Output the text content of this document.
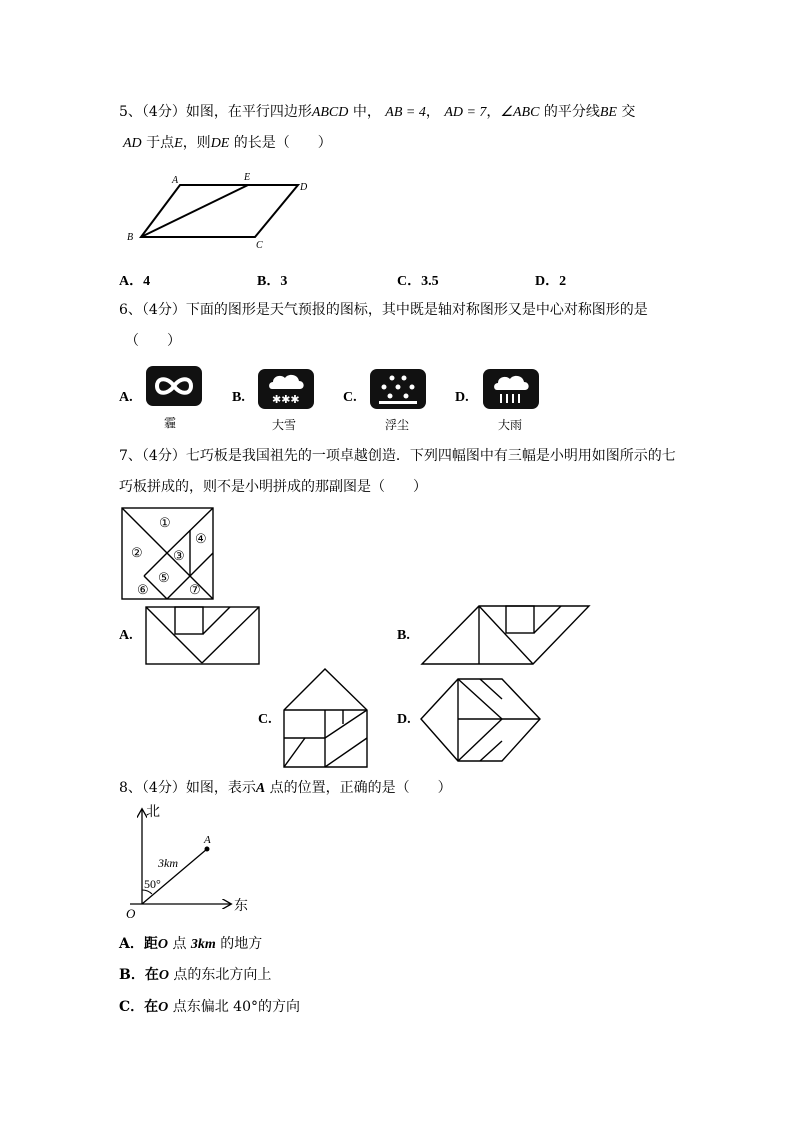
5、（4分）如图，在平行四边形ABCD 中， AB = 4， AD = 7，∠ABC 的平分线BE 交
AD 于点E，则DE 的长是（　　）
A	E
D
B
C
A．4	B．3	C．3.5	D．2
6、（4分）下面的图形是天气预报的图标，其中既是轴对称图形又是中心对称图形的是
（　　）
A.
霾
B. ✱✱✱
大雪
C.
浮尘
D.
大雨
7、（4分）七巧板是我国祖先的一项卓越创造．下列四幅图中有三幅是小明用如图所示的七
巧板拼成的，则不是小明拼成的那副图是（　　）
①
② ③
④
⑤
⑥	⑦
A.	B.
C.	D.
8、（4分）如图，表示A 点的位置，正确的是（　　）
北
东
O
A
3km
50°
A．距O 点 3km 的地方
B．在O 点的东北方向上
C．在O 点东偏北 40°的方向
